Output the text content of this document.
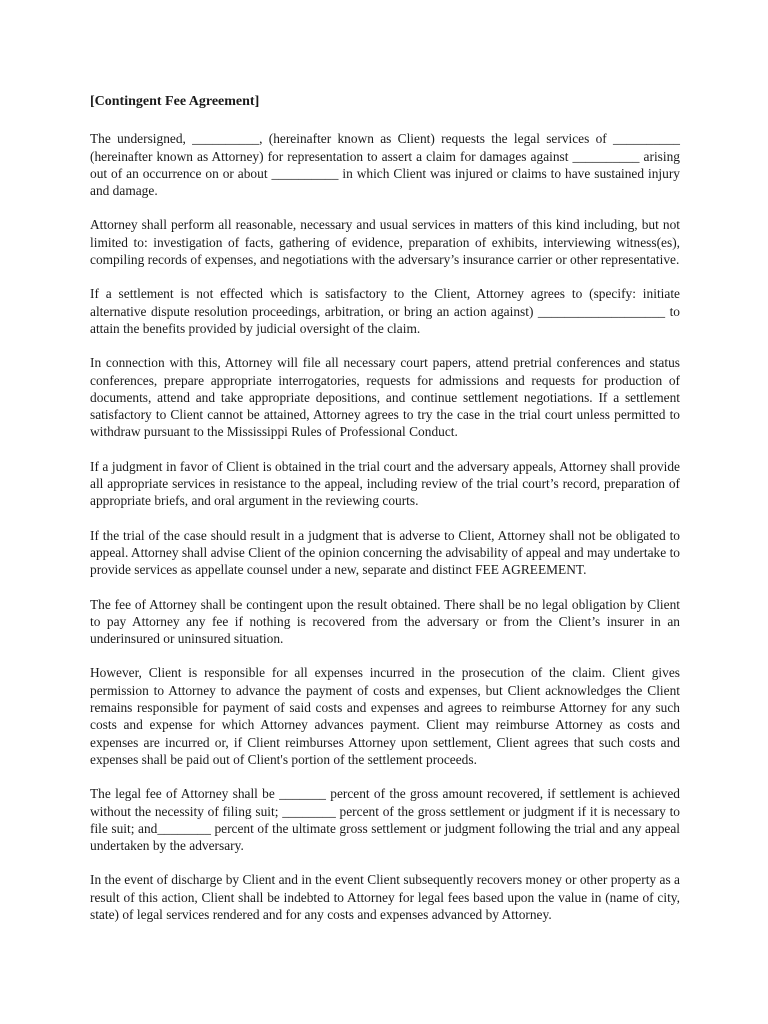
[Contingent Fee Agreement]

The undersigned, __________, (hereinafter known as Client) requests the legal services of __________ (hereinafter known as Attorney) for representation to assert a claim for damages against __________ arising out of an occurrence on or about __________ in which Client was injured or claims to have sustained injury and damage.

Attorney shall perform all reasonable, necessary and usual services in matters of this kind including, but not limited to: investigation of facts, gathering of evidence, preparation of exhibits, interviewing witness(es), compiling records of expenses, and negotiations with the adversary’s insurance carrier or other representative.

If a settlement is not effected which is satisfactory to the Client, Attorney agrees to (specify: initiate alternative dispute resolution proceedings, arbitration, or bring an action against) ___________________ to attain the benefits provided by judicial oversight of the claim.

In connection with this, Attorney will file all necessary court papers, attend pretrial conferences and status conferences, prepare appropriate interrogatories, requests for admissions and requests for production of documents, attend and take appropriate depositions, and continue settlement negotiations. If a settlement satisfactory to Client cannot be attained, Attorney agrees to try the case in the trial court unless permitted to withdraw pursuant to the Mississippi Rules of Professional Conduct.

If a judgment in favor of Client is obtained in the trial court and the adversary appeals, Attorney shall provide all appropriate services in resistance to the appeal, including review of the trial court’s record, preparation of appropriate briefs, and oral argument in the reviewing courts.

If the trial of the case should result in a judgment that is adverse to Client, Attorney shall not be obligated to appeal. Attorney shall advise Client of the opinion concerning the advisability of appeal and may undertake to provide services as appellate counsel under a new, separate and distinct FEE AGREEMENT.

The fee of Attorney shall be contingent upon the result obtained. There shall be no legal obligation by Client to pay Attorney any fee if nothing is recovered from the adversary or from the Client’s insurer in an underinsured or uninsured situation.

However, Client is responsible for all expenses incurred in the prosecution of the claim. Client gives permission to Attorney to advance the payment of costs and expenses, but Client acknowledges the Client remains responsible for payment of said costs and expenses and agrees to reimburse Attorney for any such costs and expense for which Attorney advances payment. Client may reimburse Attorney as costs and expenses are incurred or, if Client reimburses Attorney upon settlement, Client agrees that such costs and expenses shall be paid out of Client's portion of the settlement proceeds.

The legal fee of Attorney shall be _______ percent of the gross amount recovered, if settlement is achieved without the necessity of filing suit; ________ percent of the gross settlement or judgment if it is necessary to file suit; and________ percent of the ultimate gross settlement or judgment following the trial and any appeal undertaken by the adversary.

In the event of discharge by Client and in the event Client subsequently recovers money or other property as a result of this action, Client shall be indebted to Attorney for legal fees based upon the value in (name of city, state) of legal services rendered and for any costs and expenses advanced by Attorney.
